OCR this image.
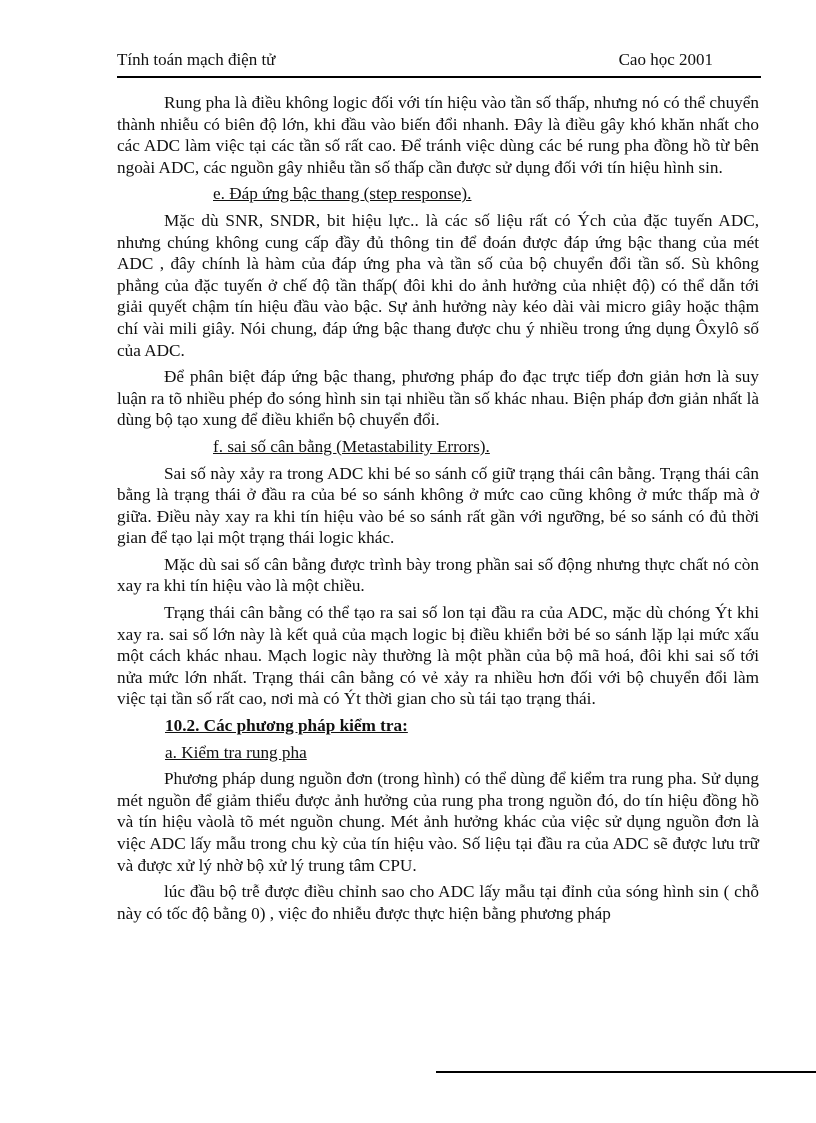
Tính toán mạch điện tử	Cao học 2001

Rung pha là điều không logic đối với tín hiệu vào tần số thấp, nhưng nó có thể chuyển thành nhiễu có biên độ lớn, khi đầu vào biến đổi nhanh. Đây là điều gây khó khăn nhất cho các ADC làm việc tại các tần số rất cao. Để tránh việc dùng các bé rung pha đồng hồ từ bên ngoài ADC, các nguồn gây nhiễu tần số thấp cần được sử dụng đối với tín hiệu hình sin.

e. Đáp ứng bậc thang (step response).

Mặc dù SNR, SNDR, bit hiệu lực.. là các số liệu rất có Ých của đặc tuyến ADC, nhưng chúng không cung cấp đầy đủ thông tin để đoán được đáp ứng bậc thang của mét ADC , đây chính là hàm của đáp ứng pha và tần số của bộ chuyển đổi tần số. Sù không phẳng của đặc tuyến ở chế độ tần thấp( đôi khi do ảnh hưởng của nhiệt độ) có thể dẫn tới giải quyết chậm tín hiệu đầu vào bậc. Sự ảnh hưởng này kéo dài vài micro giây hoặc thậm chí vài mili giây. Nói chung, đáp ứng bậc thang được chu ý nhiều trong ứng dụng Ôxylô số của ADC.

Để phân biệt đáp ứng bậc thang, phương pháp đo đạc trực tiếp đơn giản hơn là suy luận ra tõ nhiều phép đo sóng hình sin tại nhiều tần số khác nhau. Biện pháp đơn giản nhất là dùng bộ tạo xung để điều khiển bộ chuyển đổi.

f. sai số cân bằng (Metastability Errors).

Sai số này xảy ra trong ADC khi bé so sánh cố giữ trạng thái cân bằng. Trạng thái cân bằng là trạng thái ở đầu ra của bé so sánh không ở mức cao cũng không ở mức thấp mà ở giữa. Điều này xay ra khi tín hiệu vào bé so sánh rất gần với ngưỡng, bé so sánh có đủ thời gian để tạo lại một trạng thái logic khác.

Mặc dù sai số cân bằng được trình bày trong phần sai số động nhưng thực chất nó còn xay ra khi tín hiệu vào là một chiều.

Trạng thái cân bằng có thể tạo ra sai số lon tại đầu ra của ADC, mặc dù chóng Ýt khi xay ra. sai số lớn này là kết quả của mạch logic bị điều khiển bởi bé so sánh lặp lại mức xấu một cách khác nhau. Mạch logic này thường là một phần của bộ mã hoá, đôi khi sai số tới nửa mức lớn nhất. Trạng thái cân bằng có vẻ xảy ra nhiều hơn đối với bộ chuyển đổi làm việc tại tần số rất cao, nơi mà có Ýt thời gian cho sù tái tạo trạng thái.

10.2. Các phương pháp kiểm tra:

a. Kiểm tra rung pha

Phương pháp dung nguồn đơn (trong hình) có thể dùng để kiểm tra rung pha. Sử dụng mét nguồn để giảm thiểu được ảnh hưởng của rung pha trong nguồn đó, do tín hiệu đồng hồ và tín hiệu vàolà tõ mét nguồn chung. Mét ảnh hưởng khác của việc sử dụng nguồn đơn là việc ADC lấy mẫu trong chu kỳ của tín hiệu vào. Số liệu tại đầu ra của ADC sẽ được lưu trữ và được xử lý nhờ bộ xử lý trung tâm CPU.

lúc đầu bộ trễ được điều chỉnh sao cho ADC lấy mẫu tại đỉnh của sóng hình sin ( chỗ này có tốc độ bằng 0) , việc đo nhiễu được thực hiện bằng phương pháp
